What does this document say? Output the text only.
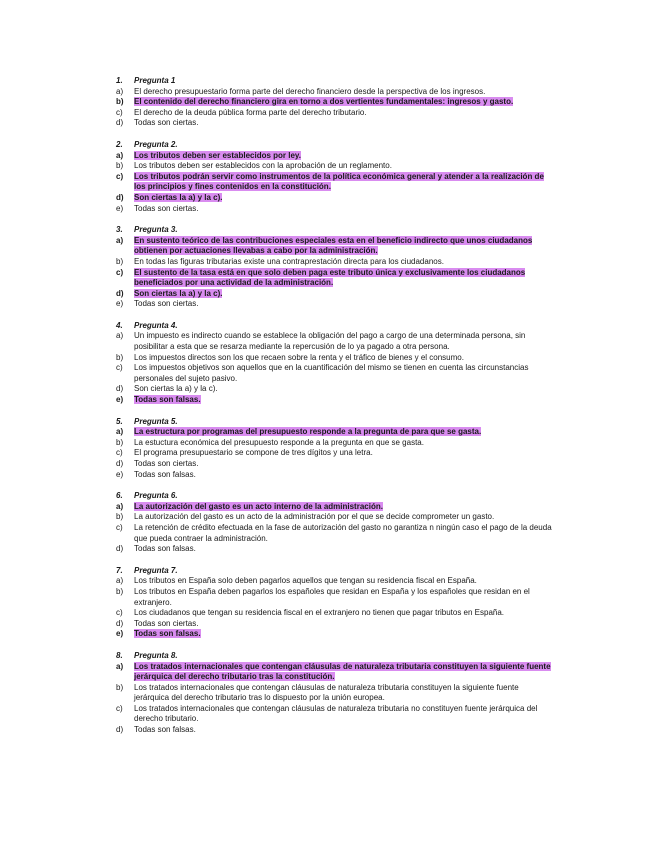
1.	Pregunta 1
a)	El derecho presupuestario forma parte del derecho financiero desde la perspectiva de los ingresos.
b)	El contenido del derecho financiero gira en torno a dos vertientes fundamentales: ingresos y gasto.
c)	El derecho de la deuda pública forma parte del derecho tributario.
d)	Todas son ciertas.
2.	Pregunta 2.
a)	Los tributos deben ser establecidos por ley.
b)	Los tributos deben ser establecidos con la aprobación de un reglamento.
c)	Los tributos podrán servir como instrumentos de la política económica general y atender a la realización de los principios y fines contenidos en la constitución.
d)	Son ciertas la a) y la c).
e)	Todas son ciertas.
3.	Pregunta 3.
a)	En sustento teórico de las contribuciones especiales esta en el beneficio indirecto que unos ciudadanos obtienen por actuaciones llevabas a cabo por la administración.
b)	En todas las figuras tributarias existe una contraprestación directa para los ciudadanos.
c)	El sustento de la tasa está en que solo deben paga este tributo única y exclusivamente los ciudadanos beneficiados por una actividad de la administración.
d)	Son ciertas la a) y la c).
e)	Todas son ciertas.
4.	Pregunta 4.
a)	Un impuesto es indirecto cuando se establece la obligación del pago a cargo de una determinada persona, sin posibilitar a esta que se resarza mediante la repercusión de lo ya pagado a otra persona.
b)	Los impuestos directos son los que recaen sobre la renta y el tráfico de bienes y el consumo.
c)	Los impuestos objetivos son aquellos que en la cuantificación del mismo se tienen en cuenta las circunstancias personales del sujeto pasivo.
d)	Son ciertas la a) y la c).
e)	Todas son falsas.
5.	Pregunta 5.
a)	La estructura por programas del presupuesto responde a la pregunta de para que se gasta.
b)	La estuctura económica del presupuesto responde a la pregunta en que se gasta.
c)	El programa presupuestario se compone de tres dígitos y una letra.
d)	Todas son ciertas.
e)	Todas son falsas.
6.	Pregunta 6.
a)	La autorización del gasto es un acto interno de la administración.
b)	La autorización del gasto es un acto de la administración por el que se decide comprometer un gasto.
c)	La retención de crédito efectuada en la fase de autorización del gasto no garantiza n ningún caso el pago de la deuda que pueda contraer la administración.
d)	Todas son falsas.
7.	Pregunta 7.
a)	Los tributos en España solo deben pagarlos aquellos que tengan su residencia fiscal en España.
b)	Los tributos en España deben pagarlos los españoles que residan en España y los españoles que residan en el extranjero.
c)	Los ciudadanos que tengan su residencia fiscal en el extranjero no tienen que pagar tributos en España.
d)	Todas son ciertas.
e)	Todas son falsas.
8.	Pregunta 8.
a)	Los tratados internacionales que contengan cláusulas de naturaleza tributaria constituyen la siguiente fuente jerárquica del derecho tributario tras la constitución.
b)	Los tratados internacionales que contengan cláusulas de naturaleza tributaria constituyen la siguiente fuente jerárquica del derecho tributario tras lo dispuesto por la unión europea.
c)	Los tratados internacionales que contengan cláusulas de naturaleza tributaria no constituyen fuente jerárquica del derecho tributario.
d)	Todas son falsas.
